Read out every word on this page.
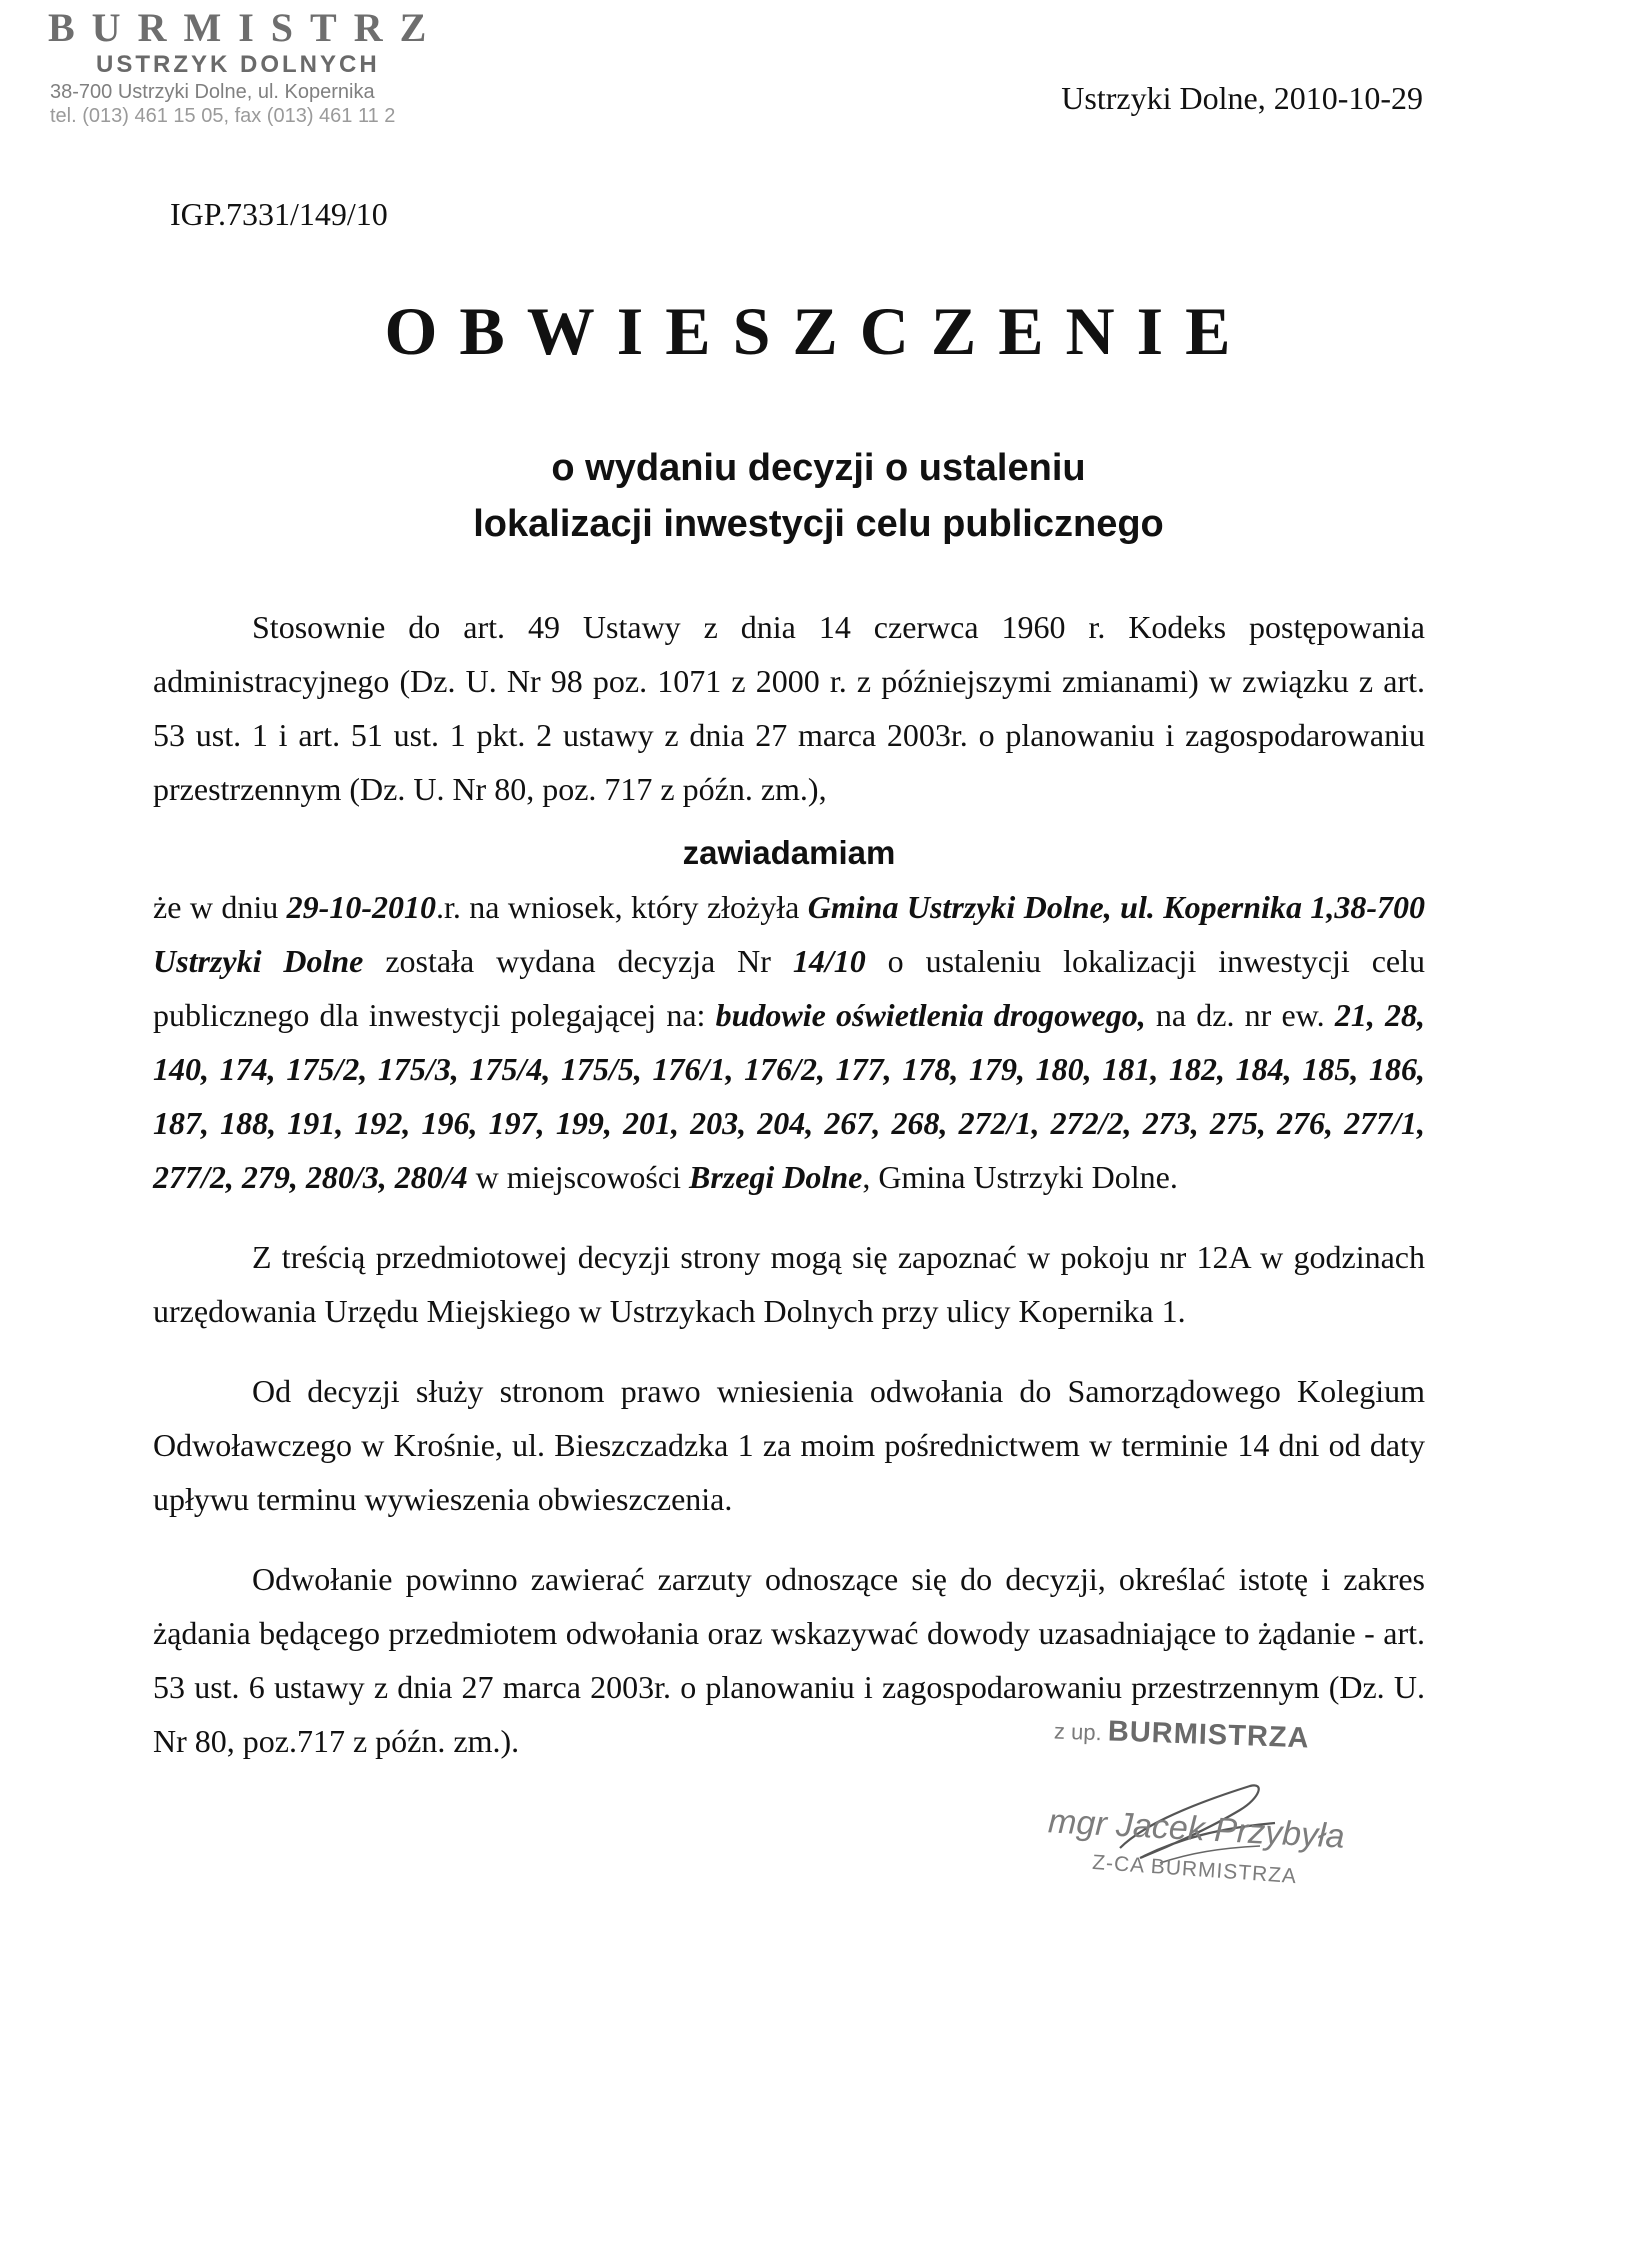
BURMISTRZ
USTRZYK DOLNYCH
38-700 Ustrzyki Dolne, ul. Kopernika
tel. (013) 461 15 05, fax (013) 461 11 2	Ustrzyki Dolne, 2010-10-29
IGP.7331/149/10
OBWIESZCZENIE
o wydaniu decyzji o ustaleniu
lokalizacji inwestycji celu publicznego

Stosownie do art. 49 Ustawy z dnia 14 czerwca 1960 r. Kodeks postępowania administracyjnego (Dz. U. Nr 98 poz. 1071 z 2000 r. z późniejszymi zmianami) w związku z art. 53 ust. 1 i art. 51 ust. 1 pkt. 2 ustawy z dnia 27 marca 2003r. o planowaniu i zagospodarowaniu przestrzennym (Dz. U. Nr 80, poz. 717 z późn. zm.),

zawiadamiam

że w dniu 29-10-2010.r. na wniosek, który złożyła Gmina Ustrzyki Dolne, ul. Kopernika 1,38-700 Ustrzyki Dolne została wydana decyzja Nr 14/10 o ustaleniu lokalizacji inwestycji celu publicznego dla inwestycji polegającej na: budowie oświetlenia drogowego, na dz. nr ew. 21, 28, 140, 174, 175/2, 175/3, 175/4, 175/5, 176/1, 176/2, 177, 178, 179, 180, 181, 182, 184, 185, 186, 187, 188, 191, 192, 196, 197, 199, 201, 203, 204, 267, 268, 272/1, 272/2, 273, 275, 276, 277/1, 277/2, 279, 280/3, 280/4 w miejscowości Brzegi Dolne, Gmina Ustrzyki Dolne.

Z treścią przedmiotowej decyzji strony mogą się zapoznać w pokoju nr 12A w godzinach urzędowania Urzędu Miejskiego w Ustrzykach Dolnych przy ulicy Kopernika 1.

Od decyzji służy stronom prawo wniesienia odwołania do Samorządowego Kolegium Odwoławczego w Krośnie, ul. Bieszczadzka 1 za moim pośrednictwem w terminie 14 dni od daty upływu terminu wywieszenia obwieszczenia.

Odwołanie powinno zawierać zarzuty odnoszące się do decyzji, określać istotę i zakres żądania będącego przedmiotem odwołania oraz wskazywać dowody uzasadniające to żądanie - art. 53 ust. 6 ustawy z dnia 27 marca 2003r. o planowaniu i zagospodarowaniu przestrzennym (Dz. U. Nr 80, poz.717 z późn. zm.).	z up. BURMISTRZA
mgr Jacek Przybyła
Z-CA BURMISTRZA
